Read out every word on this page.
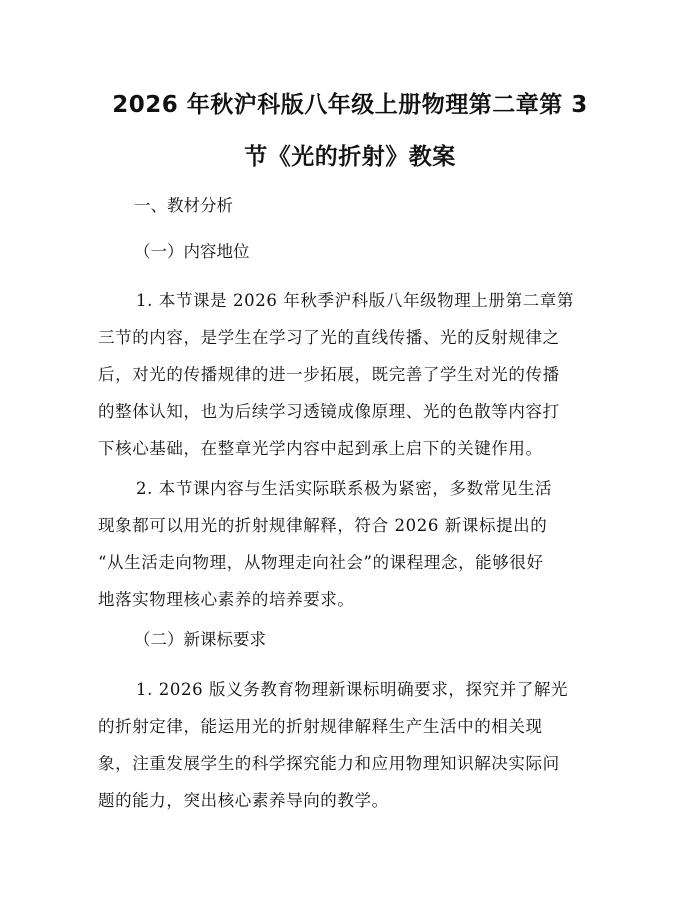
2026 年秋沪科版八年级上册物理第二章第 3
节《光的折射》教案
一、教材分析
（一）内容地位
1. 本节课是 2026 年秋季沪科版八年级物理上册第二章第
三节的内容，是学生在学习了光的直线传播、光的反射规律之
后，对光的传播规律的进一步拓展，既完善了学生对光的传播
的整体认知，也为后续学习透镜成像原理、光的色散等内容打
下核心基础，在整章光学内容中起到承上启下的关键作用。
2. 本节课内容与生活实际联系极为紧密，多数常见生活
现象都可以用光的折射规律解释，符合 2026 新课标提出的
“从生活走向物理，从物理走向社会”的课程理念，能够很好
地落实物理核心素养的培养要求。
（二）新课标要求
1. 2026 版义务教育物理新课标明确要求，探究并了解光
的折射定律，能运用光的折射规律解释生产生活中的相关现
象，注重发展学生的科学探究能力和应用物理知识解决实际问
题的能力，突出核心素养导向的教学。
